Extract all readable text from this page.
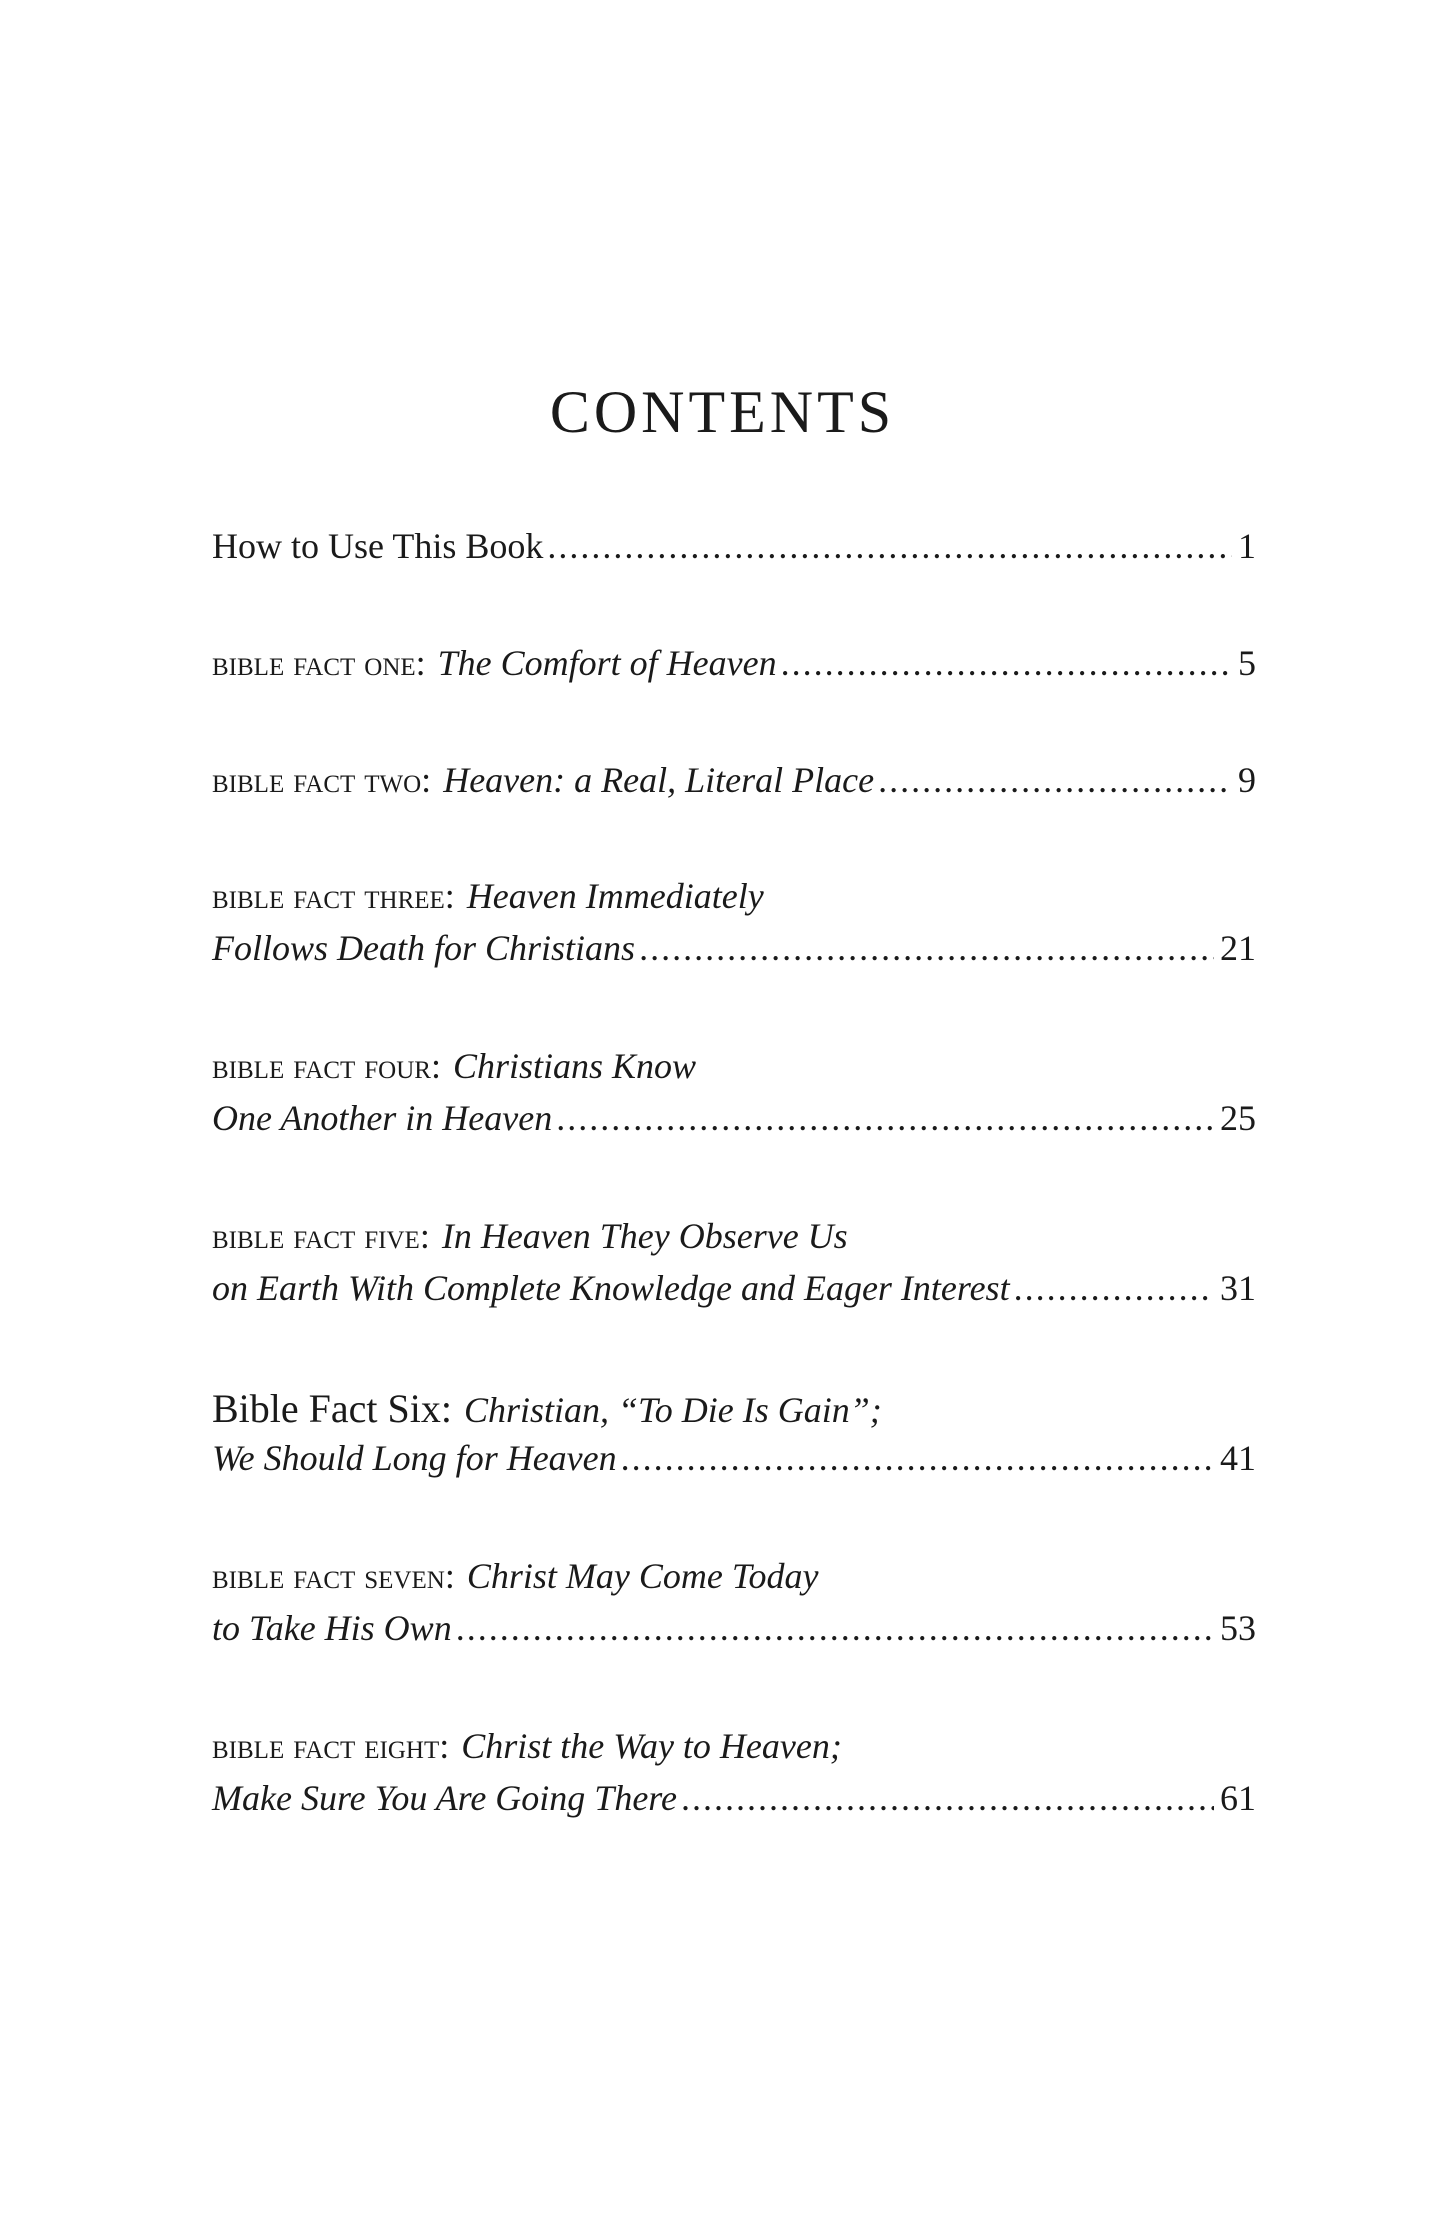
CONTENTS
How to Use This Book .....	1
bible fact one: The Comfort of Heaven .....	5
bible fact two: Heaven: a Real, Literal Place .....	9
bible fact three: Heaven Immediately
Follows Death for Christians .....	21
bible fact four: Christians Know
One Another in Heaven .....	25
bible fact five: In Heaven They Observe Us
on Earth With Complete Knowledge and Eager Interest .....	31
Bible Fact Six: Christian, “To Die Is Gain”;
We Should Long for Heaven .....	41
bible fact seven: Christ May Come Today
to Take His Own .....	53
bible fact eight: Christ the Way to Heaven;
Make Sure You Are Going There .....	61
